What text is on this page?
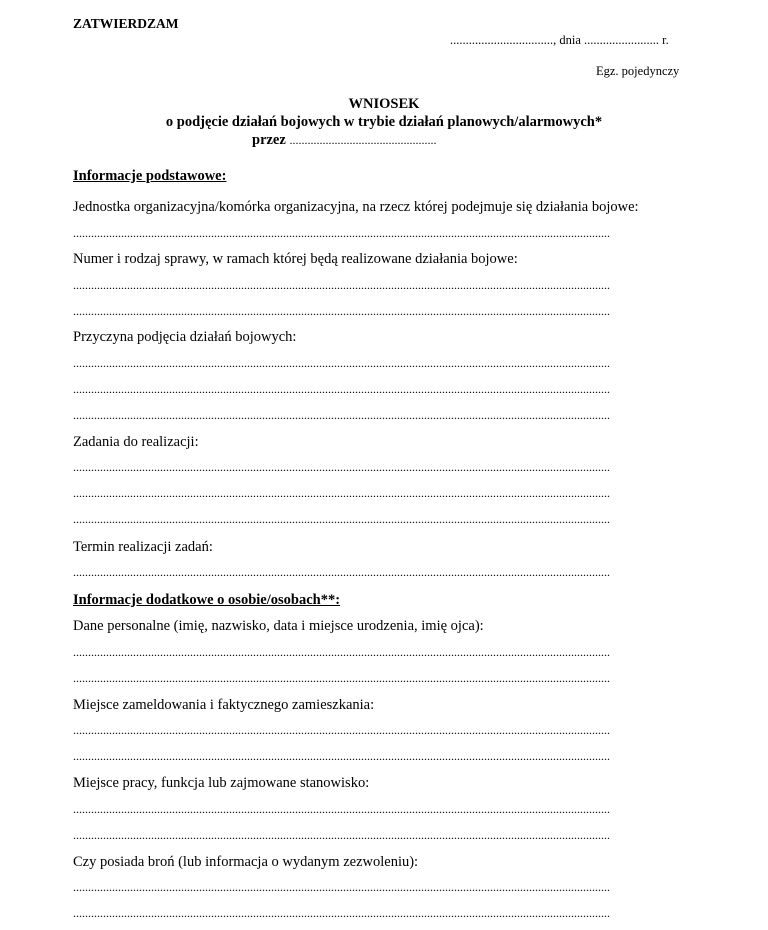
ZATWIERDZAM
................................., dnia ........................ r.
Egz. pojedynczy
WNIOSEK
o podjęcie działań bojowych w trybie działań planowych/alarmowych*
przez .................................................
Informacje podstawowe:
Jednostka organizacyjna/komórka organizacyjna, na rzecz której podejmuje się działania bojowe:
...................................................................................................................................................................................
Numer i rodzaj sprawy, w ramach której będą realizowane działania bojowe:
...................................................................................................................................................................................
...................................................................................................................................................................................
Przyczyna podjęcia działań bojowych:
...................................................................................................................................................................................
...................................................................................................................................................................................
...................................................................................................................................................................................
Zadania do realizacji:
...................................................................................................................................................................................
...................................................................................................................................................................................
...................................................................................................................................................................................
Termin realizacji zadań:
...................................................................................................................................................................................
Informacje dodatkowe o osobie/osobach**:
Dane personalne (imię, nazwisko, data i miejsce urodzenia, imię ojca):
...................................................................................................................................................................................
...................................................................................................................................................................................
Miejsce zameldowania i faktycznego zamieszkania:
...................................................................................................................................................................................
...................................................................................................................................................................................
Miejsce pracy, funkcja lub zajmowane stanowisko:
...................................................................................................................................................................................
...................................................................................................................................................................................
Czy posiada broń (lub informacja o wydanym zezwoleniu):
...................................................................................................................................................................................
...................................................................................................................................................................................
